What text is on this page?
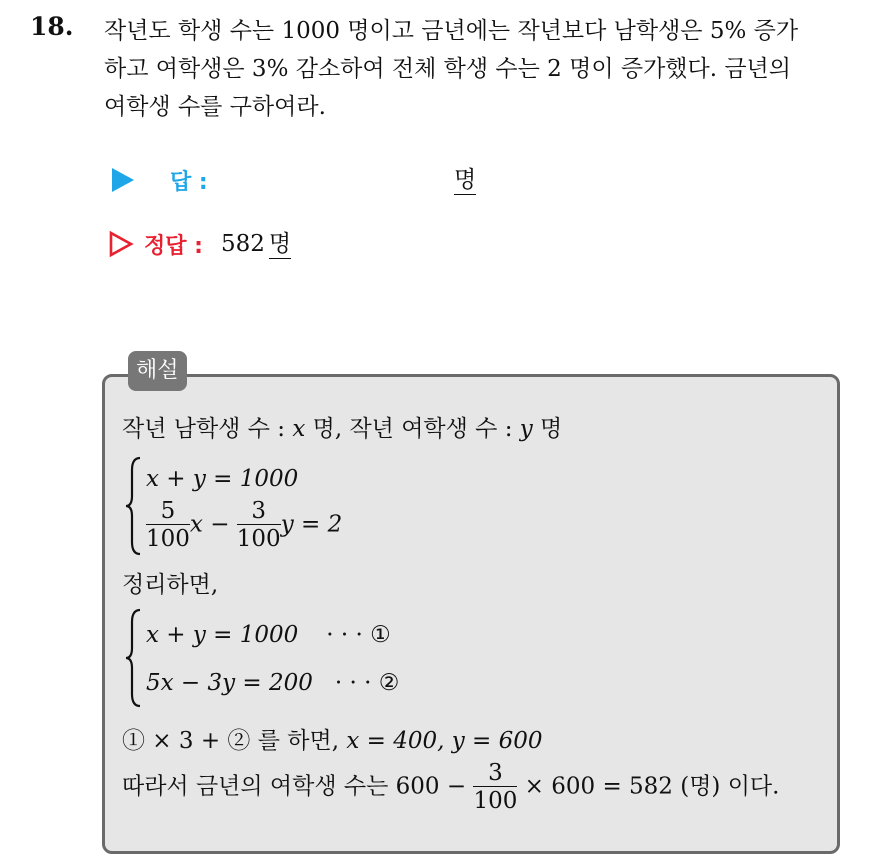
18. 작년도 학생 수는 1000 명이고 금년에는 작년보다 남학생은 5% 증가
하고 여학생은 3% 감소하여 전체 학생 수는 2 명이 증가했다. 금년의
여학생 수를 구하여라.
답 :	명
정답 : 582 명
해설
작년 남학생 수 : x 명, 작년 여학생 수 : y 명
x + y = 1000
$\frac{5}{100}$ $x - \frac{3}{100}$ y = 2
정리하면,
x + y = 1000 · · · ①
5x − 3y = 200 · · · ②
① × 3 + ② 를 하면, x = 400, y = 600
따라서 금년의 여학생 수는 $600 - \frac{3}{100} \times 600 = 582$ (명) 이다.
